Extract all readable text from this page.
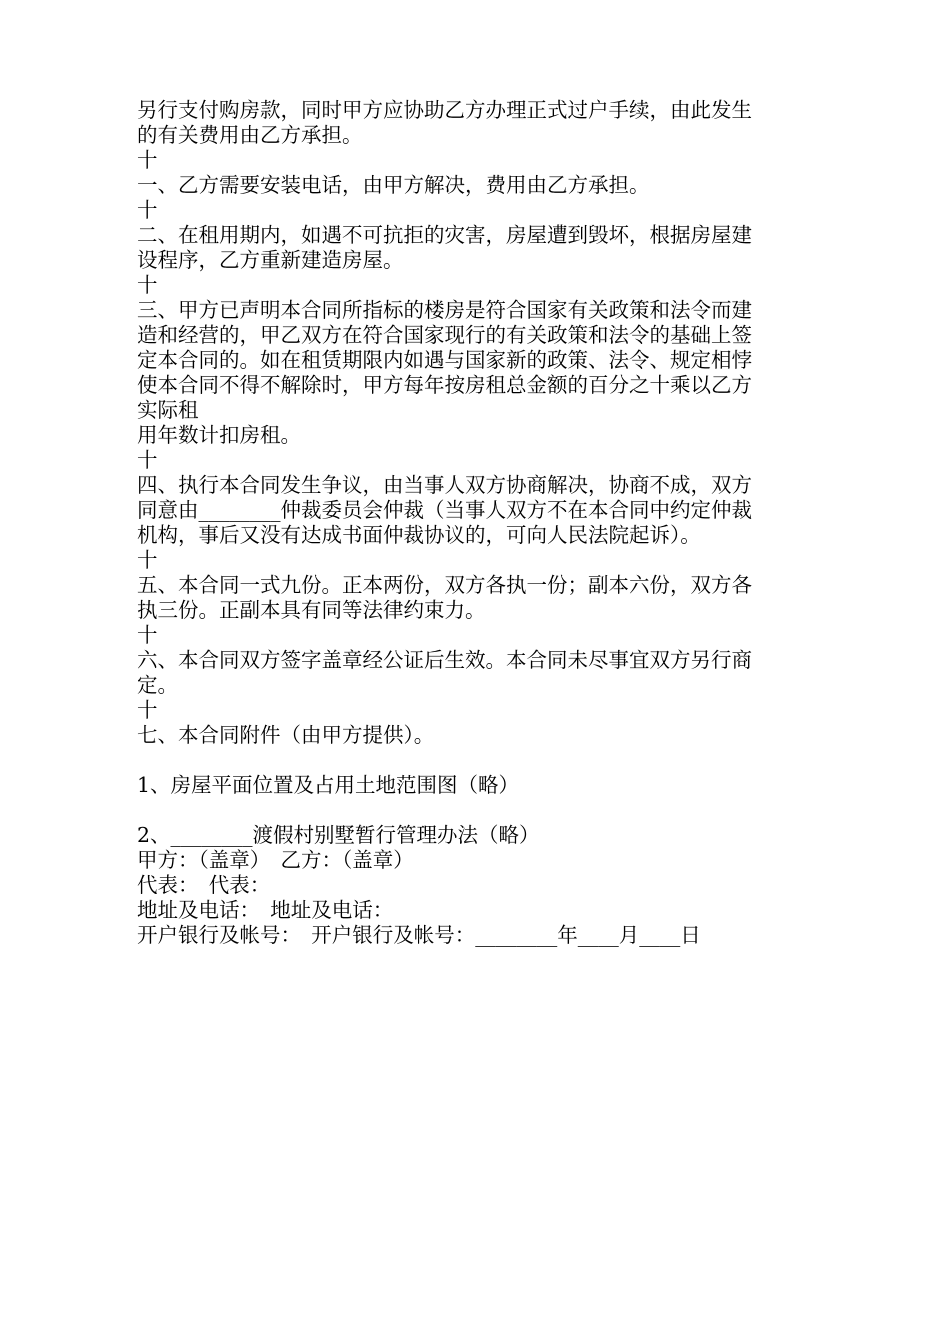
另行支付购房款，同时甲方应协助乙方办理正式过户手续，由此发生
的有关费用由乙方承担。
十
一、乙方需要安装电话，由甲方解决，费用由乙方承担。
十
二、在租用期内，如遇不可抗拒的灾害，房屋遭到毁坏，根据房屋建
设程序，乙方重新建造房屋。
十
三、甲方已声明本合同所指标的楼房是符合国家有关政策和法令而建
造和经营的，甲乙双方在符合国家现行的有关政策和法令的基础上签
定本合同的。如在租赁期限内如遇与国家新的政策、法令、规定相悖
使本合同不得不解除时，甲方每年按房租总金额的百分之十乘以乙方
实际租
用年数计扣房租。
十
四、执行本合同发生争议，由当事人双方协商解决，协商不成，双方
同意由________仲裁委员会仲裁（当事人双方不在本合同中约定仲裁
机构，事后又没有达成书面仲裁协议的，可向人民法院起诉）。
十
五、本合同一式九份。正本两份，双方各执一份；副本六份，双方各
执三份。正副本具有同等法律约束力。
十
六、本合同双方签字盖章经公证后生效。本合同未尽事宜双方另行商
定。
十
七、本合同附件（由甲方提供）。
1、房屋平面位置及占用土地范围图（略）
2、________渡假村别墅暂行管理办法（略）
甲方：（盖章）　乙方：（盖章）
代表：　代表：
地址及电话：　地址及电话：
开户银行及帐号：　开户银行及帐号：________年____月____日
